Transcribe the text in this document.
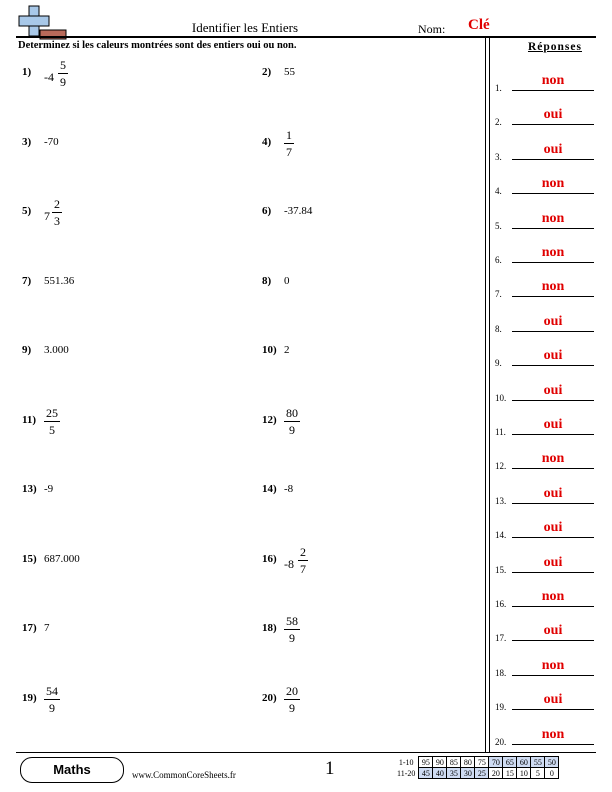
Identifier les Entiers	Nom: Clé
Determinez si les caleurs montrées sont des entiers oui ou non.
1) -4
5
9
2) 55
3) -70	4) 1
7
5) 7
2
3
6) -37.84
7) 551.36	8) 0
9) 3.000	10) 2
11) 25
5
12) 80
9
13) -9	14) -8
15) 687.000	16) -8
2
7
17) 7	18) 58
9
19) 54
9
20) 20
9
Réponses
1.	non
2.	oui
3.	oui
4.	non
5.	non
6.	non
7.	non
8.	oui
9.	oui
10.	oui
11.	oui
12.	non
13.	oui
14.	oui
15.	oui
16.	non
17.	oui
18.	non
19.	oui
20.	non
Maths	www.CommonCoreSheets.fr	1	1-10	95	90	85	80	75	70	65	60	55	50
11-20	45	40	35	30	25	20	15	10	5	0
